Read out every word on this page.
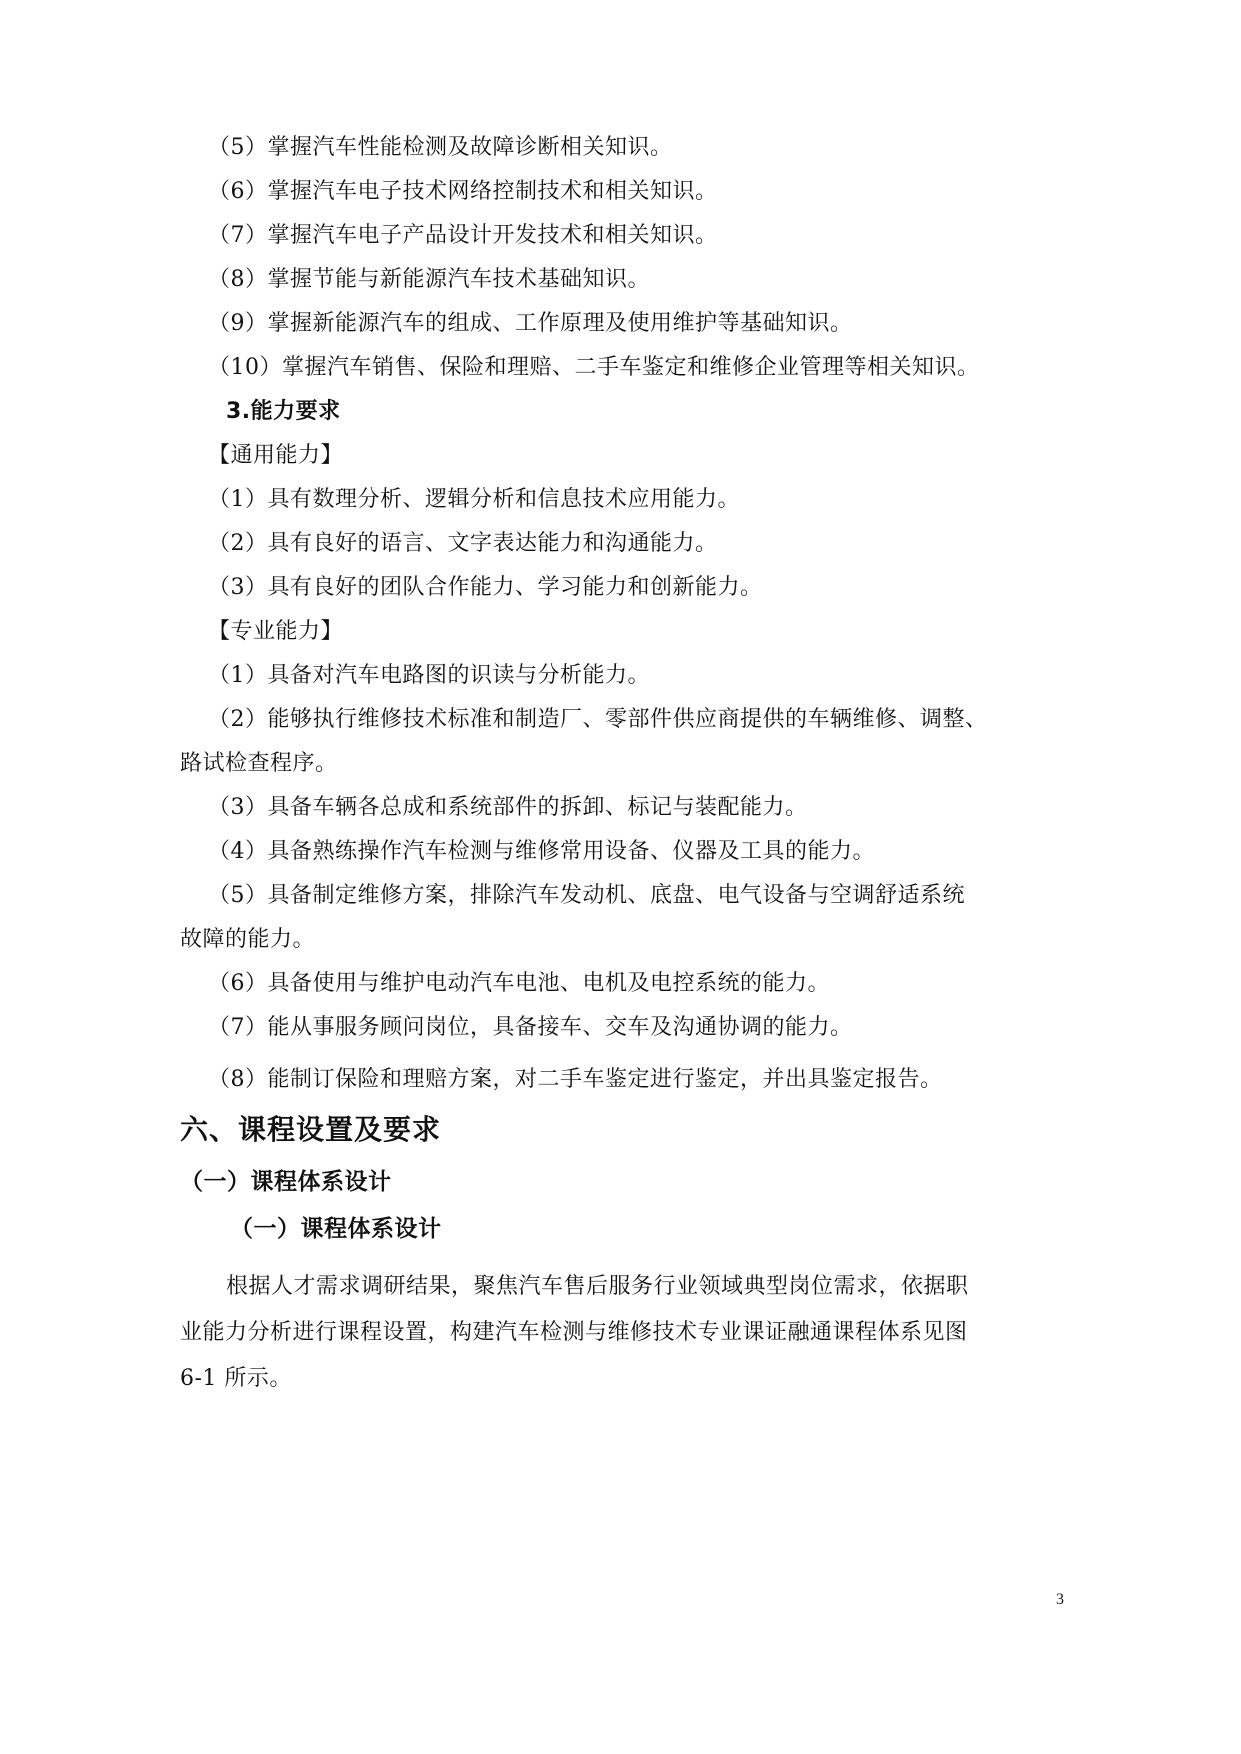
（5）掌握汽车性能检测及故障诊断相关知识。
（6）掌握汽车电子技术网络控制技术和相关知识。
（7）掌握汽车电子产品设计开发技术和相关知识。
（8）掌握节能与新能源汽车技术基础知识。
（9）掌握新能源汽车的组成、工作原理及使用维护等基础知识。
（10）掌握汽车销售、保险和理赔、二手车鉴定和维修企业管理等相关知识。
3.能力要求
【通用能力】
（1）具有数理分析、逻辑分析和信息技术应用能力。
（2）具有良好的语言、文字表达能力和沟通能力。
（3）具有良好的团队合作能力、学习能力和创新能力。
【专业能力】
（1）具备对汽车电路图的识读与分析能力。
（2）能够执行维修技术标准和制造厂、零部件供应商提供的车辆维修、调整、
路试检查程序。
（3）具备车辆各总成和系统部件的拆卸、标记与装配能力。
（4）具备熟练操作汽车检测与维修常用设备、仪器及工具的能力。
（5）具备制定维修方案，排除汽车发动机、底盘、电气设备与空调舒适系统
故障的能力。
（6）具备使用与维护电动汽车电池、电机及电控系统的能力。
（7）能从事服务顾问岗位，具备接车、交车及沟通协调的能力。
（8）能制订保险和理赔方案，对二手车鉴定进行鉴定，并出具鉴定报告。
六、课程设置及要求
（一）课程体系设计
（一）课程体系设计
根据人才需求调研结果，聚焦汽车售后服务行业领域典型岗位需求，依据职
业能力分析进行课程设置，构建汽车检测与维修技术专业课证融通课程体系见图
6-1 所示。
3
